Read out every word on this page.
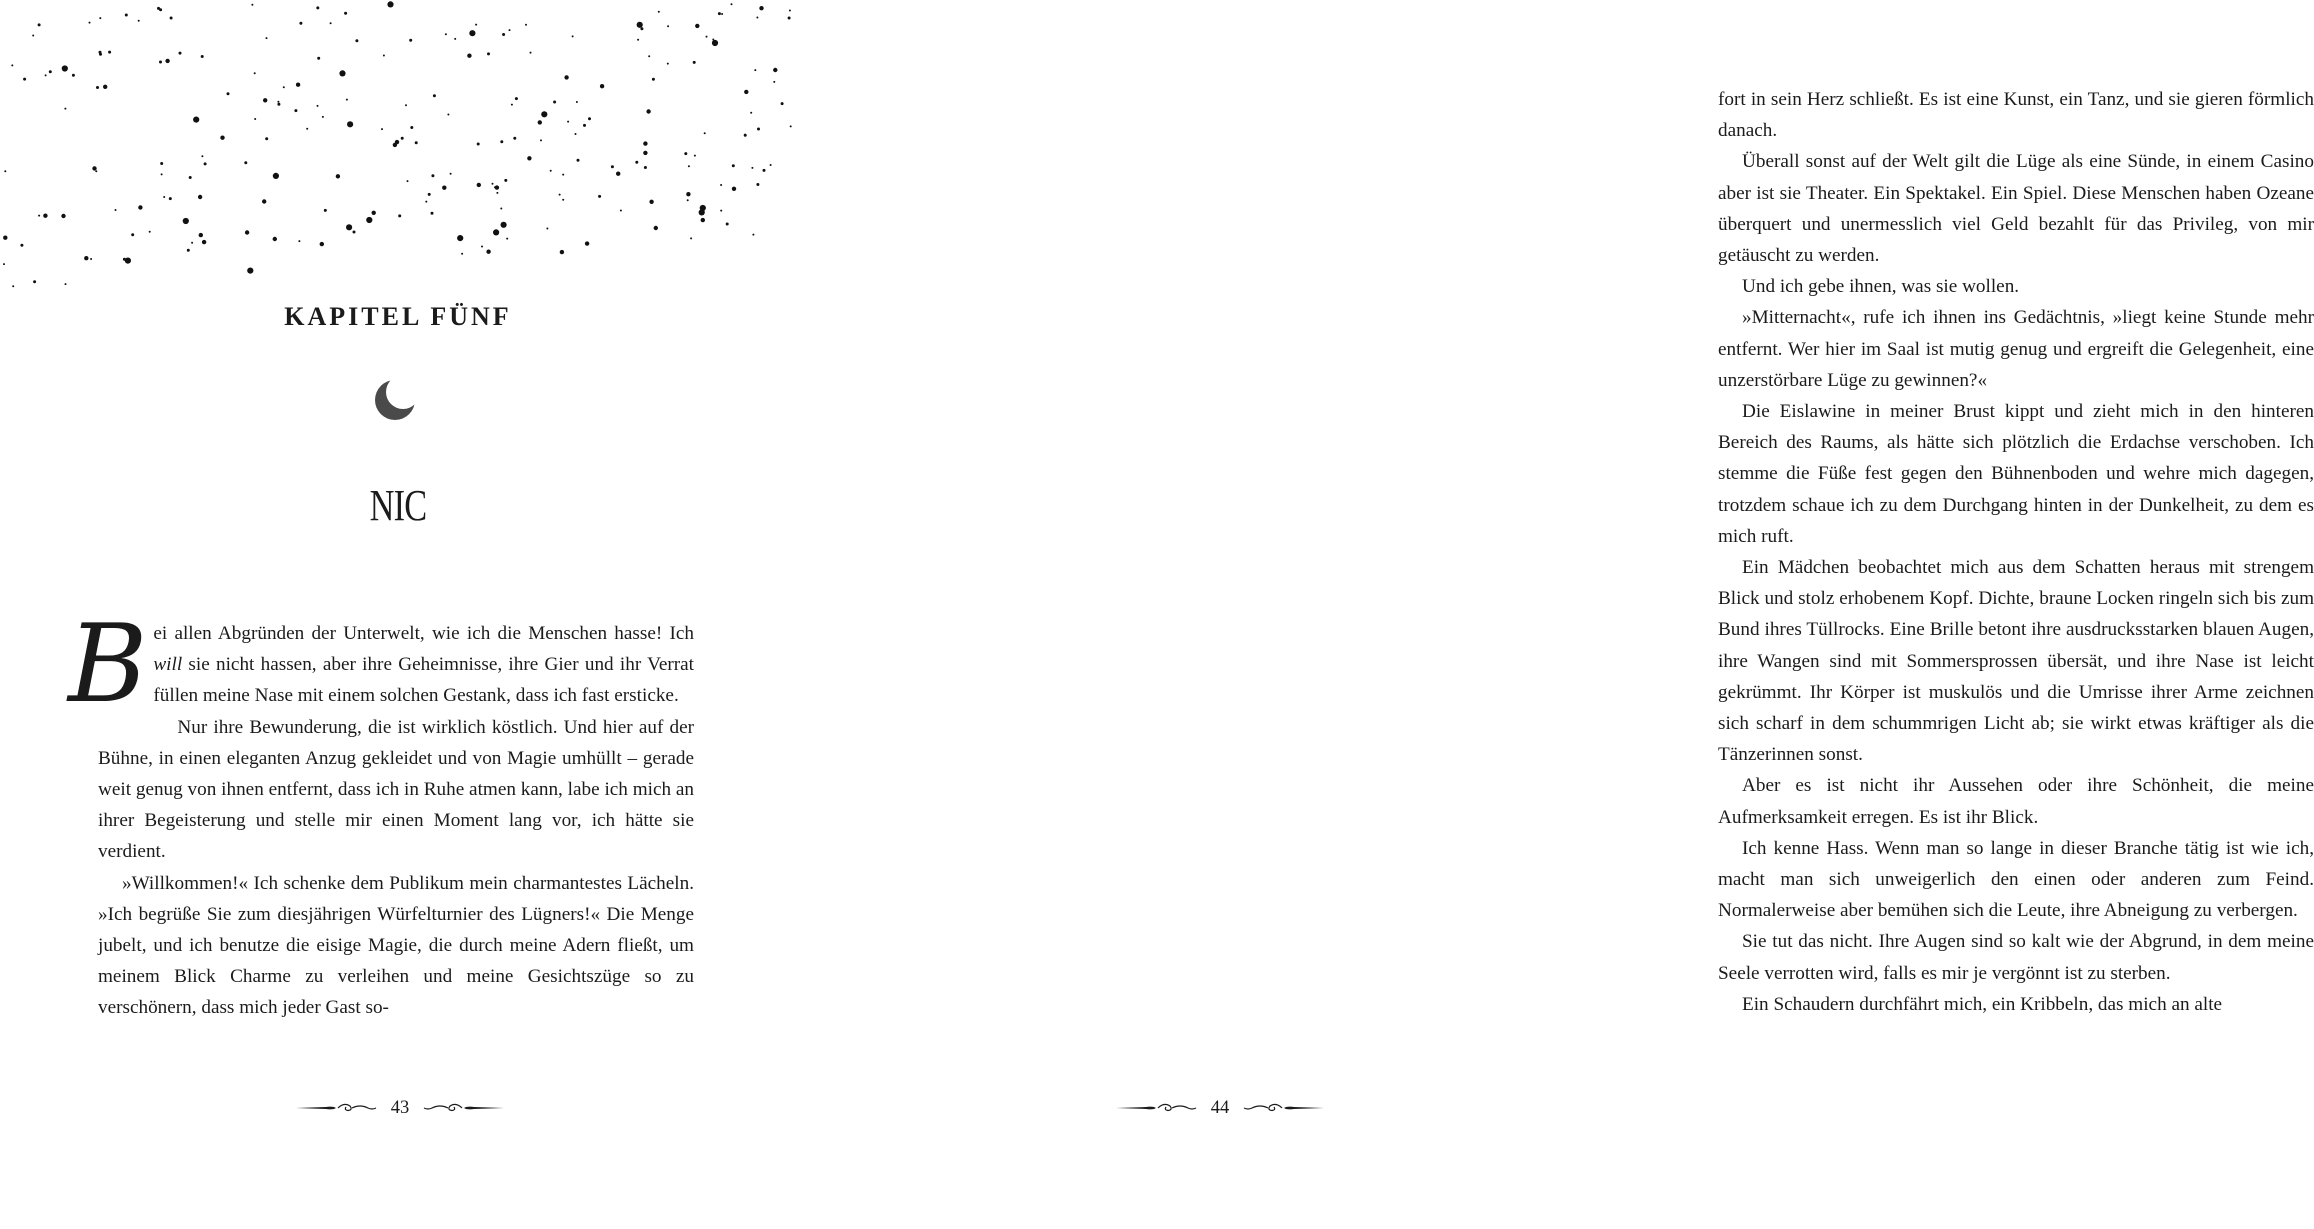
KAPITEL FÜNF
NIC

Bei allen Abgründen der Unterwelt, wie ich die Menschen hasse! Ich will sie nicht hassen, aber ihre Geheimnisse, ihre Gier und ihr Verrat füllen meine Nase mit einem solchen Gestank, dass ich fast ersticke.

Nur ihre Bewunderung, die ist wirklich köstlich. Und hier auf der Bühne, in einen eleganten Anzug gekleidet und von Magie umhüllt – gerade weit genug von ihnen entfernt, dass ich in Ruhe atmen kann, labe ich mich an ihrer Begeisterung und stelle mir einen Moment lang vor, ich hätte sie verdient.

»Willkommen!« Ich schenke dem Publikum mein charmantestes Lächeln. »Ich begrüße Sie zum diesjährigen Würfelturnier des Lügners!« Die Menge jubelt, und ich benutze die eisige Magie, die durch meine Adern fließt, um meinem Blick Charme zu verleihen und meine Gesichtszüge so zu verschönern, dass mich jeder Gast so-

43

fort in sein Herz schließt. Es ist eine Kunst, ein Tanz, und sie gieren förmlich danach.

Überall sonst auf der Welt gilt die Lüge als eine Sünde, in einem Casino aber ist sie Theater. Ein Spektakel. Ein Spiel. Diese Menschen haben Ozeane überquert und unermesslich viel Geld bezahlt für das Privileg, von mir getäuscht zu werden.

Und ich gebe ihnen, was sie wollen.

»Mitternacht«, rufe ich ihnen ins Gedächtnis, »liegt keine Stunde mehr entfernt. Wer hier im Saal ist mutig genug und ergreift die Gelegenheit, eine unzerstörbare Lüge zu gewinnen?«

Die Eislawine in meiner Brust kippt und zieht mich in den hinteren Bereich des Raums, als hätte sich plötzlich die Erdachse verschoben. Ich stemme die Füße fest gegen den Bühnenboden und wehre mich dagegen, trotzdem schaue ich zu dem Durchgang hinten in der Dunkelheit, zu dem es mich ruft.

Ein Mädchen beobachtet mich aus dem Schatten heraus mit strengem Blick und stolz erhobenem Kopf. Dichte, braune Locken ringeln sich bis zum Bund ihres Tüllrocks. Eine Brille betont ihre ausdrucksstarken blauen Augen, ihre Wangen sind mit Sommersprossen übersät, und ihre Nase ist leicht gekrümmt. Ihr Körper ist muskulös und die Umrisse ihrer Arme zeichnen sich scharf in dem schummrigen Licht ab; sie wirkt etwas kräftiger als die Tänzerinnen sonst.

Aber es ist nicht ihr Aussehen oder ihre Schönheit, die meine Aufmerksamkeit erregen. Es ist ihr Blick.

Ich kenne Hass. Wenn man so lange in dieser Branche tätig ist wie ich, macht man sich unweigerlich den einen oder anderen zum Feind. Normalerweise aber bemühen sich die Leute, ihre Abneigung zu verbergen.

Sie tut das nicht. Ihre Augen sind so kalt wie der Abgrund, in dem meine Seele verrotten wird, falls es mir je vergönnt ist zu sterben.

Ein Schaudern durchfährt mich, ein Kribbeln, das mich an alte

44
